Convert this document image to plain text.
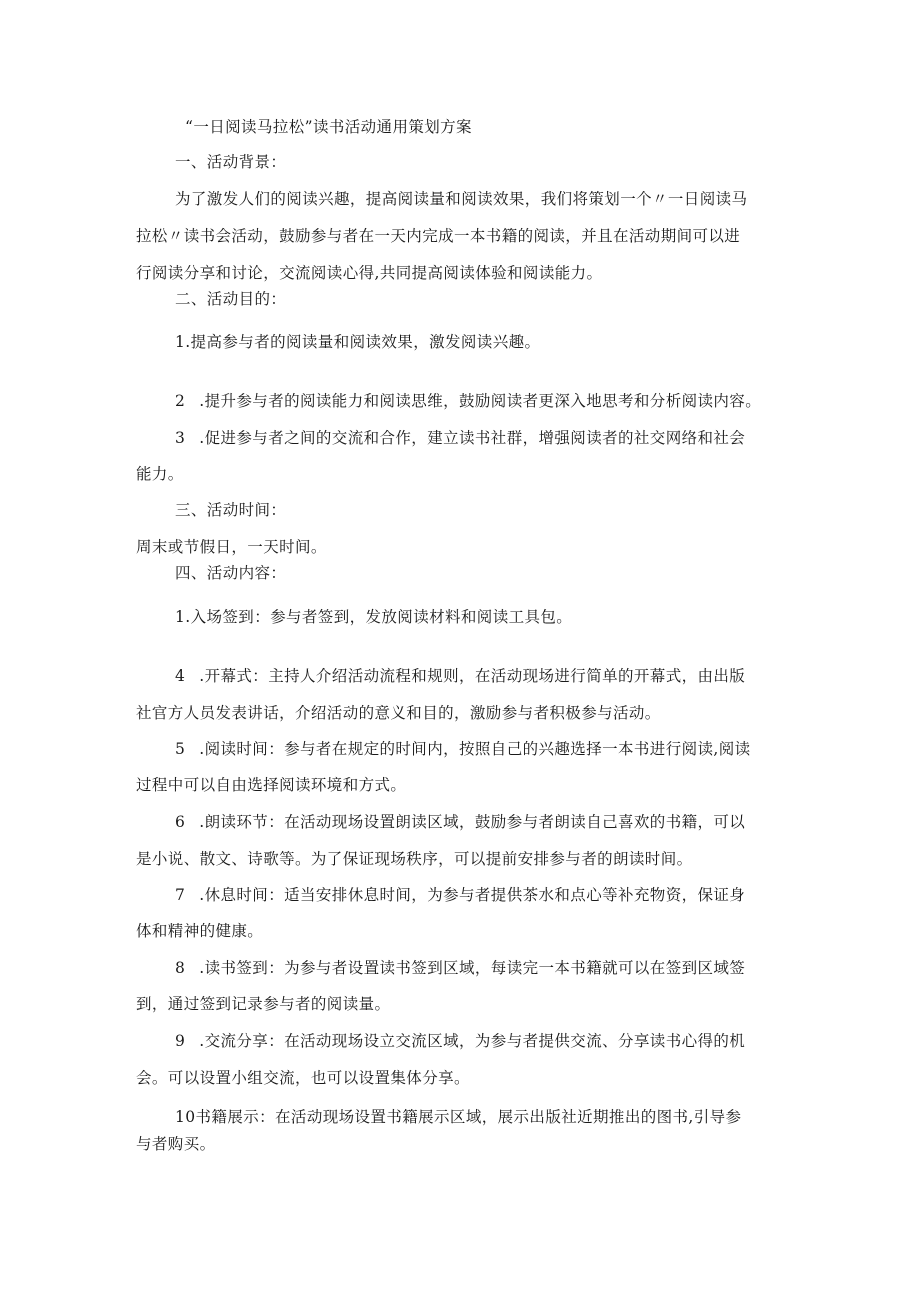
“一日阅读马拉松”读书活动通用策划方案
一、活动背景：
为了激发人们的阅读兴趣，提高阅读量和阅读效果，我们将策划一个〃一日阅读马
拉松〃读书会活动，鼓励参与者在一天内完成一本书籍的阅读，并且在活动期间可以进
行阅读分享和讨论，交流阅读心得,共同提高阅读体验和阅读能力。
二、活动目的：
1.提高参与者的阅读量和阅读效果，激发阅读兴趣。
2 .提升参与者的阅读能力和阅读思维，鼓励阅读者更深入地思考和分析阅读内容。
3 .促进参与者之间的交流和合作，建立读书社群，增强阅读者的社交网络和社会
能力。
三、活动时间：
周末或节假日，一天时间。
四、活动内容：
1.入场签到：参与者签到，发放阅读材料和阅读工具包。
4 .开幕式：主持人介绍活动流程和规则，在活动现场进行简单的开幕式，由出版
社官方人员发表讲话，介绍活动的意义和目的，激励参与者积极参与活动。
5 .阅读时间：参与者在规定的时间内，按照自己的兴趣选择一本书进行阅读,阅读
过程中可以自由选择阅读环境和方式。
6 .朗读环节：在活动现场设置朗读区域，鼓励参与者朗读自己喜欢的书籍，可以
是小说、散文、诗歌等。为了保证现场秩序，可以提前安排参与者的朗读时间。
7 .休息时间：适当安排休息时间，为参与者提供茶水和点心等补充物资，保证身
体和精神的健康。
8 .读书签到：为参与者设置读书签到区域，每读完一本书籍就可以在签到区域签
到，通过签到记录参与者的阅读量。
9 .交流分享：在活动现场设立交流区域，为参与者提供交流、分享读书心得的机
会。可以设置小组交流，也可以设置集体分享。
10书籍展示：在活动现场设置书籍展示区域，展示出版社近期推出的图书,引导参
与者购买。
